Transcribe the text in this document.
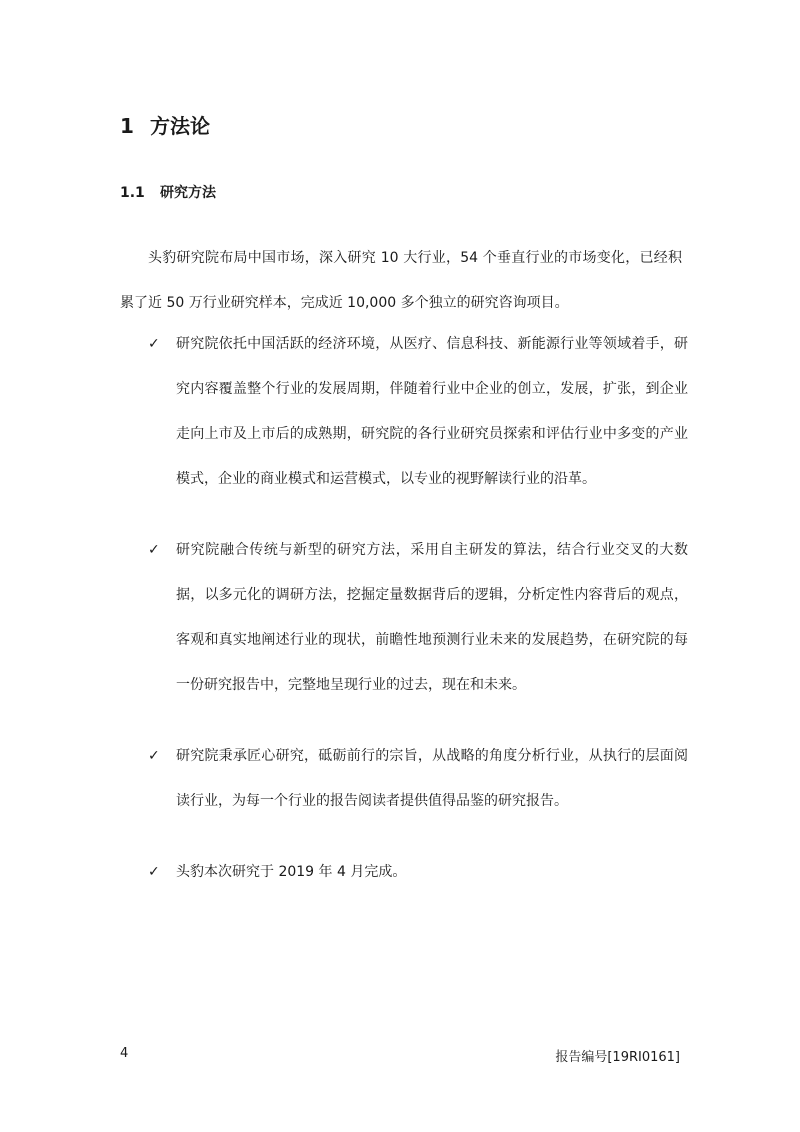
1 方法论
1.1 研究方法

头豹研究院布局中国市场，深入研究 10 大行业，54 个垂直行业的市场变化，已经积累了近 50 万行业研究样本，完成近 10,000 多个独立的研究咨询项目。

✓ 研究院依托中国活跃的经济环境，从医疗、信息科技、新能源行业等领域着手，研究内容覆盖整个行业的发展周期，伴随着行业中企业的创立，发展，扩张，到企业走向上市及上市后的成熟期，研究院的各行业研究员探索和评估行业中多变的产业模式，企业的商业模式和运营模式，以专业的视野解读行业的沿革。
✓ 研究院融合传统与新型的研究方法，采用自主研发的算法，结合行业交叉的大数据，以多元化的调研方法，挖掘定量数据背后的逻辑，分析定性内容背后的观点，客观和真实地阐述行业的现状，前瞻性地预测行业未来的发展趋势，在研究院的每一份研究报告中，完整地呈现行业的过去，现在和未来。
✓ 研究院秉承匠心研究，砥砺前行的宗旨，从战略的角度分析行业，从执行的层面阅读行业，为每一个行业的报告阅读者提供值得品鉴的研究报告。
✓ 头豹本次研究于 2019 年 4 月完成。
4	报告编号[19RI0161]
